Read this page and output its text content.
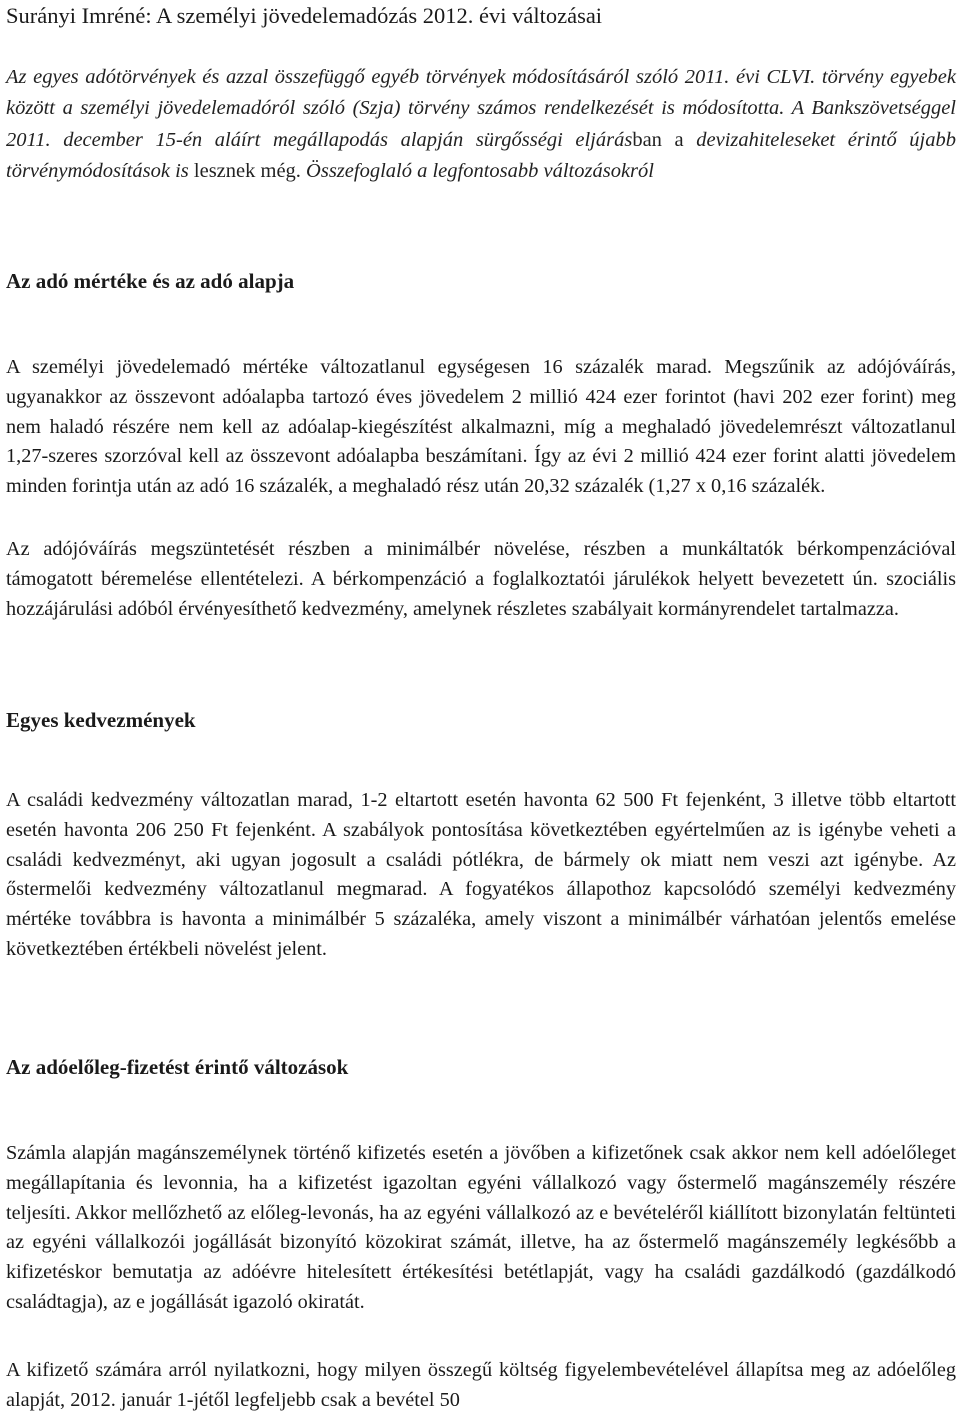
Surányi Imréné: A személyi jövedelemadózás 2012. évi változásai

Az egyes adótörvények és azzal összefüggő egyéb törvények módosításáról szóló 2011. évi CLVI. törvény egyebek között a személyi jövedelemadóról szóló (Szja) törvény számos rendelkezését is módosította. A Bankszövetséggel 2011. december 15-én aláírt megállapodás alapján sürgősségi eljárásban a devizahiteleseket érintő újabb törvénymódosítások is lesznek még. Összefoglaló a legfontosabb változásokról

Az adó mértéke és az adó alapja

A személyi jövedelemadó mértéke változatlanul egységesen 16 százalék marad. Megszűnik az adójóváírás, ugyanakkor az összevont adóalapba tartozó éves jövedelem 2 millió 424 ezer forintot (havi 202 ezer forint) meg nem haladó részére nem kell az adóalap-kiegészítést alkalmazni, míg a meghaladó jövedelemrészt változatlanul 1,27-szeres szorzóval kell az összevont adóalapba beszámítani. Így az évi 2 millió 424 ezer forint alatti jövedelem minden forintja után az adó 16 százalék, a meghaladó rész után 20,32 százalék (1,27 x 0,16 százalék.

Az adójóváírás megszüntetését részben a minimálbér növelése, részben a munkáltatók bérkompenzációval támogatott béremelése ellentételezi. A bérkompenzáció a foglalkoztatói járulékok helyett bevezetett ún. szociális hozzájárulási adóból érvényesíthető kedvezmény, amelynek részletes szabályait kormányrendelet tartalmazza.

Egyes kedvezmények

A családi kedvezmény változatlan marad, 1-2 eltartott esetén havonta 62 500 Ft fejenként, 3 illetve több eltartott esetén havonta 206 250 Ft fejenként. A szabályok pontosítása következtében egyértelműen az is igénybe veheti a családi kedvezményt, aki ugyan jogosult a családi pótlékra, de bármely ok miatt nem veszi azt igénybe. Az őstermelői kedvezmény változatlanul megmarad. A fogyatékos állapothoz kapcsolódó személyi kedvezmény mértéke továbbra is havonta a minimálbér 5 százaléka, amely viszont a minimálbér várhatóan jelentős emelése következtében értékbeli növelést jelent.

Az adóelőleg-fizetést érintő változások

Számla alapján magánszemélynek történő kifizetés esetén a jövőben a kifizetőnek csak akkor nem kell adóelőleget megállapítania és levonnia, ha a kifizetést igazoltan egyéni vállalkozó vagy őstermelő magánszemély részére teljesíti. Akkor mellőzhető az előleg-levonás, ha az egyéni vállalkozó az e bevételéről kiállított bizonylatán feltünteti az egyéni vállalkozói jogállását bizonyító közokirat számát, illetve, ha az őstermelő magánszemély legkésőbb a kifizetéskor bemutatja az adóévre hitelesített értékesítési betétlapját, vagy ha családi gazdálkodó (gazdálkodó családtagja), az e jogállását igazoló okiratát.

A kifizető számára arról nyilatkozni, hogy milyen összegű költség figyelembevételével állapítsa meg az adóelőleg alapját, 2012. január 1-jétől legfeljebb csak a bevétel 50
